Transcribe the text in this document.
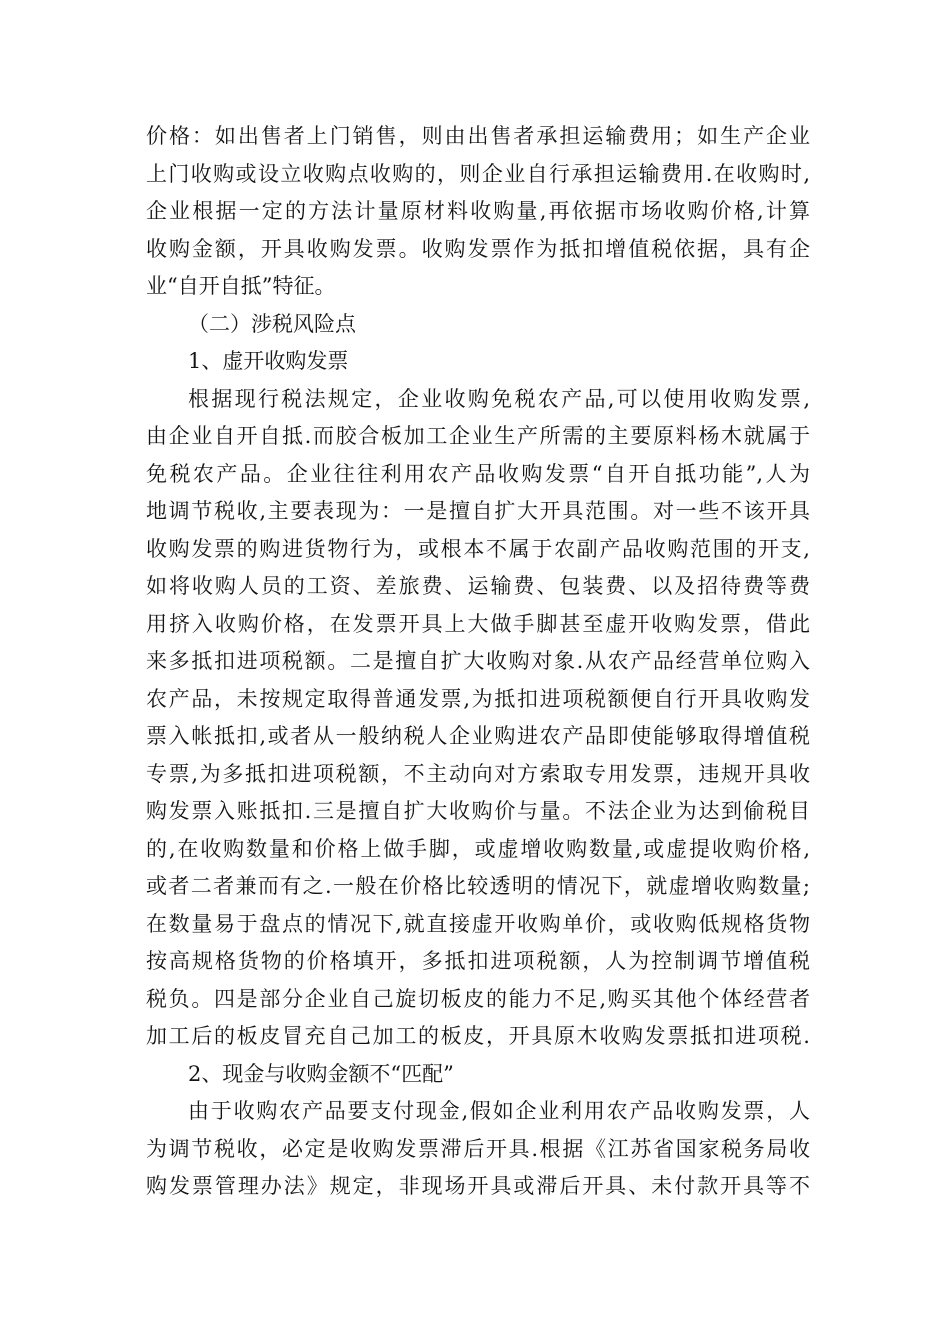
价格：如出售者上门销售，则由出售者承担运输费用；如生产企业
上门收购或设立收购点收购的，则企业自行承担运输费用.在收购时,
企业根据一定的方法计量原材料收购量,再依据市场收购价格,计算
收购金额，开具收购发票。收购发票作为抵扣增值税依据，具有企
业“自开自抵”特征。
（二）涉税风险点
1、虚开收购发票
根据现行税法规定，企业收购免税农产品,可以使用收购发票,
由企业自开自抵.而胶合板加工企业生产所需的主要原料杨木就属于
免税农产品。企业往往利用农产品收购发票“自开自抵功能”,人为
地调节税收,主要表现为：一是擅自扩大开具范围。对一些不该开具
收购发票的购进货物行为，或根本不属于农副产品收购范围的开支,
如将收购人员的工资、差旅费、运输费、包装费、以及招待费等费
用挤入收购价格，在发票开具上大做手脚甚至虚开收购发票，借此
来多抵扣进项税额。二是擅自扩大收购对象.从农产品经营单位购入
农产品，未按规定取得普通发票,为抵扣进项税额便自行开具收购发
票入帐抵扣,或者从一般纳税人企业购进农产品即使能够取得增值税
专票,为多抵扣进项税额，不主动向对方索取专用发票，违规开具收
购发票入账抵扣.三是擅自扩大收购价与量。不法企业为达到偷税目
的,在收购数量和价格上做手脚，或虚增收购数量,或虚提收购价格,
或者二者兼而有之.一般在价格比较透明的情况下，就虚增收购数量;
在数量易于盘点的情况下,就直接虚开收购单价，或收购低规格货物
按高规格货物的价格填开，多抵扣进项税额，人为控制调节增值税
税负。四是部分企业自己旋切板皮的能力不足,购买其他个体经营者
加工后的板皮冒充自己加工的板皮，开具原木收购发票抵扣进项税.
2、现金与收购金额不“匹配”
由于收购农产品要支付现金,假如企业利用农产品收购发票，人
为调节税收，必定是收购发票滞后开具.根据《江苏省国家税务局收
购发票管理办法》规定，非现场开具或滞后开具、未付款开具等不
